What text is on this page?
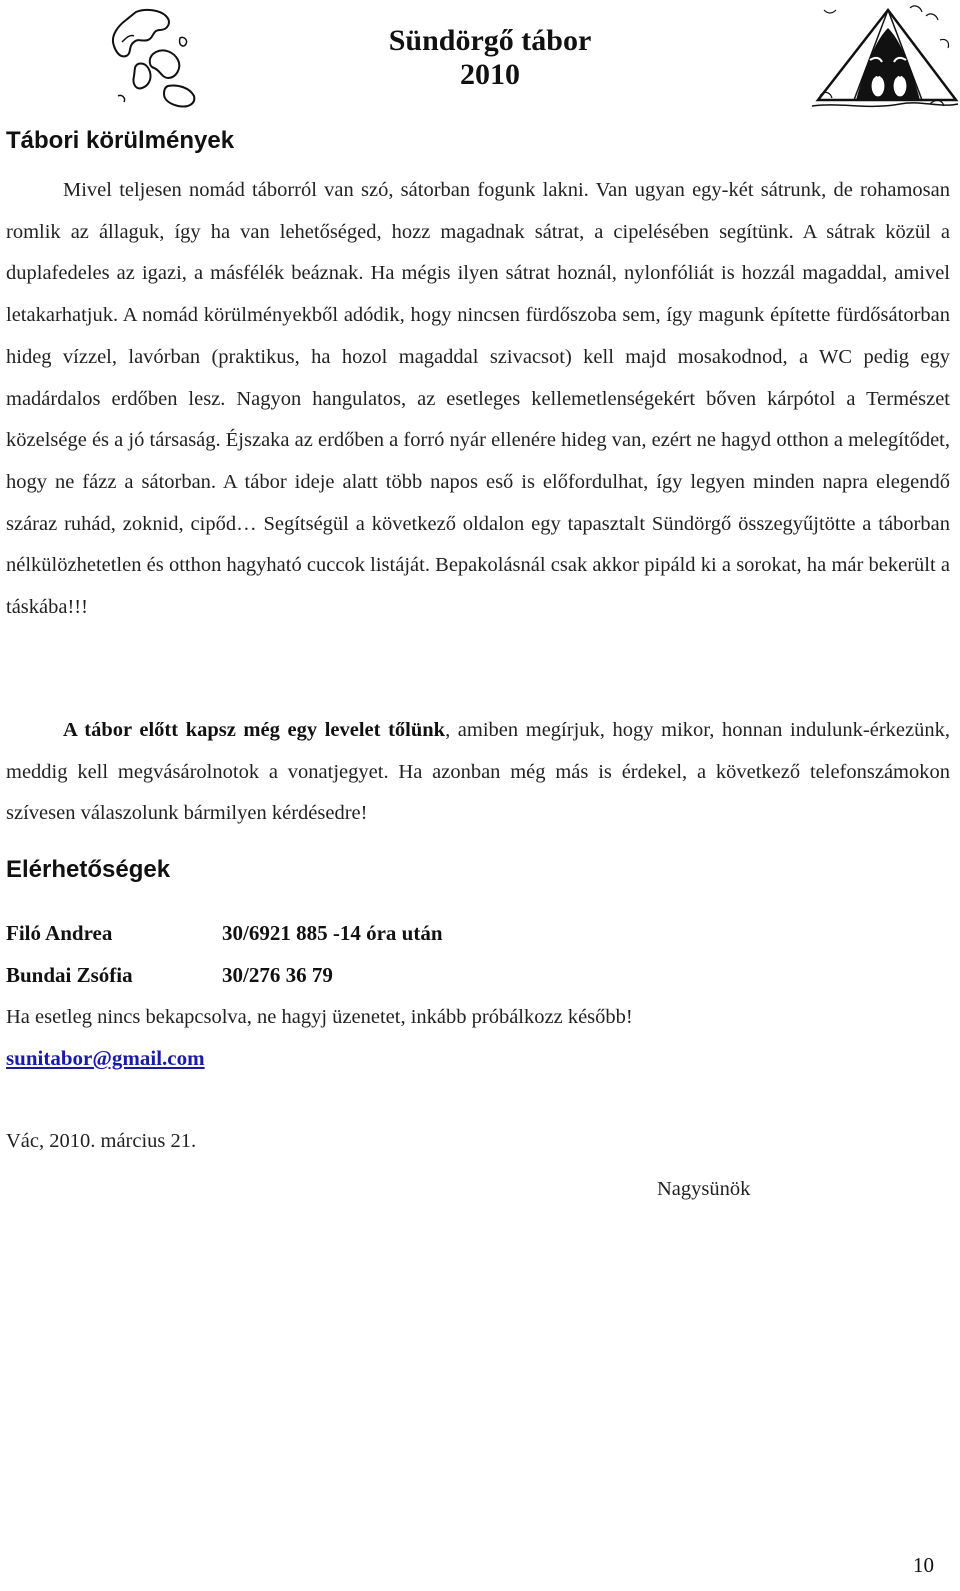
Sündörgő tábor
2010
Tábori körülmények

Mivel teljesen nomád táborról van szó, sátorban fogunk lakni. Van ugyan egy-két sátrunk, de rohamosan romlik az állaguk, így ha van lehetőséged, hozz magadnak sátrat, a cipelésében segítünk. A sátrak közül a duplafedeles az igazi, a másfélék beáznak. Ha mégis ilyen sátrat hoznál, nylonfóliát is hozzál magaddal, amivel letakarhatjuk. A nomád körülményekből adódik, hogy nincsen fürdőszoba sem, így magunk építette fürdősátorban hideg vízzel, lavórban (praktikus, ha hozol magaddal szivacsot) kell majd mosakodnod, a WC pedig egy madárdalos erdőben lesz. Nagyon hangulatos, az esetleges kellemetlenségekért bőven kárpótol a Természet közelsége és a jó társaság. Éjszaka az erdőben a forró nyár ellenére hideg van, ezért ne hagyd otthon a melegítődet, hogy ne fázz a sátorban. A tábor ideje alatt több napos eső is előfordulhat, így legyen minden napra elegendő száraz ruhád, zoknid, cipőd… Segítségül a következő oldalon egy tapasztalt Sündörgő összegyűjtötte a táborban nélkülözhetetlen és otthon hagyható cuccok listáját. Bepakolásnál csak akkor pipáld ki a sorokat, ha már bekerült a táskába!!!

A tábor előtt kapsz még egy levelet tőlünk, amiben megírjuk, hogy mikor, honnan indulunk-érkezünk, meddig kell megvásárolnotok a vonatjegyet. Ha azonban még más is érdekel, a következő telefonszámokon szívesen válaszolunk bármilyen kérdésedre!

Elérhetőségek
Filó Andrea	30/6921 885 -14 óra után
Bundai Zsófia	30/276 36 79
Ha esetleg nincs bekapcsolva, ne hagyj üzenetet, inkább próbálkozz később!
sunitabor@gmail.com
Vác, 2010. március 21.
Nagysünök
10
